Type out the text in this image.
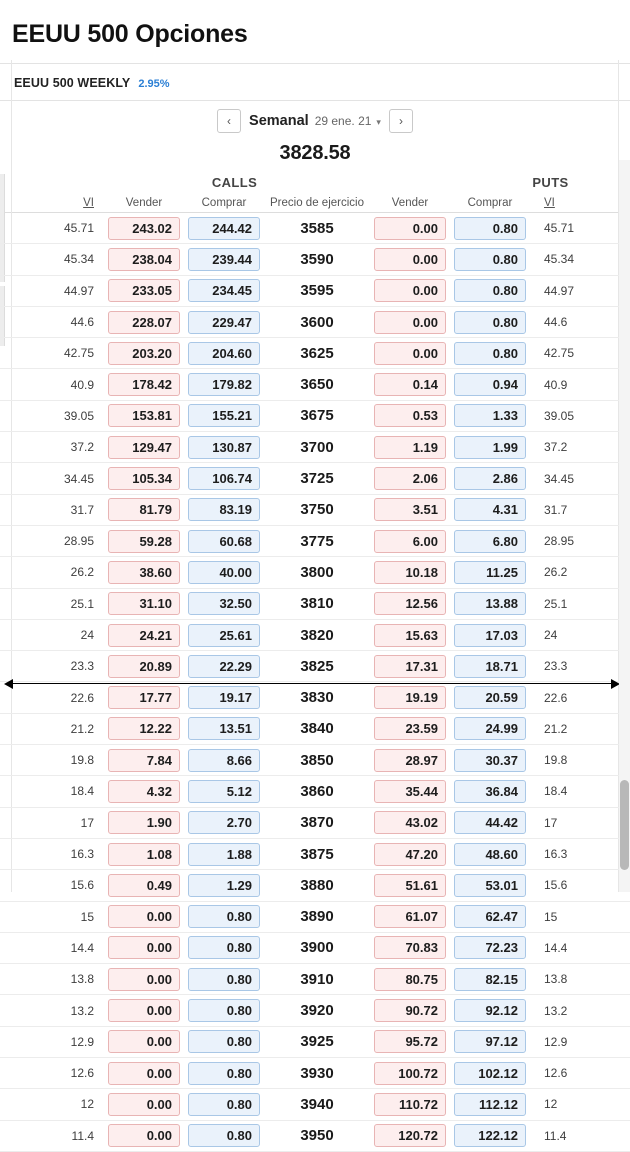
EEUU 500 Opciones
EEUU 500 WEEKLY 2.95%
‹	Semanal 29 ene. 21 ▾	›
3828.58
CALLS	PUTS
VI	Vender	Comprar	Precio de ejercicio	Vender	Comprar	VI
45.71	243.02	244.42	3585	0.00	0.80	45.71
45.34	238.04	239.44	3590	0.00	0.80	45.34
44.97	233.05	234.45	3595	0.00	0.80	44.97
44.6	228.07	229.47	3600	0.00	0.80	44.6
42.75	203.20	204.60	3625	0.00	0.80	42.75
40.9	178.42	179.82	3650	0.14	0.94	40.9
39.05	153.81	155.21	3675	0.53	1.33	39.05
37.2	129.47	130.87	3700	1.19	1.99	37.2
34.45	105.34	106.74	3725	2.06	2.86	34.45
31.7	81.79	83.19	3750	3.51	4.31	31.7
28.95	59.28	60.68	3775	6.00	6.80	28.95
26.2	38.60	40.00	3800	10.18	11.25	26.2
25.1	31.10	32.50	3810	12.56	13.88	25.1
24	24.21	25.61	3820	15.63	17.03	24
23.3	20.89	22.29	3825	17.31	18.71	23.3
22.6	17.77	19.17	3830	19.19	20.59	22.6
21.2	12.22	13.51	3840	23.59	24.99	21.2
19.8	7.84	8.66	3850	28.97	30.37	19.8
18.4	4.32	5.12	3860	35.44	36.84	18.4
17	1.90	2.70	3870	43.02	44.42	17
16.3	1.08	1.88	3875	47.20	48.60	16.3
15.6	0.49	1.29	3880	51.61	53.01	15.6
15	0.00	0.80	3890	61.07	62.47	15
14.4	0.00	0.80	3900	70.83	72.23	14.4
13.8	0.00	0.80	3910	80.75	82.15	13.8
13.2	0.00	0.80	3920	90.72	92.12	13.2
12.9	0.00	0.80	3925	95.72	97.12	12.9
12.6	0.00	0.80	3930	100.72	102.12	12.6
12	0.00	0.80	3940	110.72	112.12	12
11.4	0.00	0.80	3950	120.72	122.12	11.4
